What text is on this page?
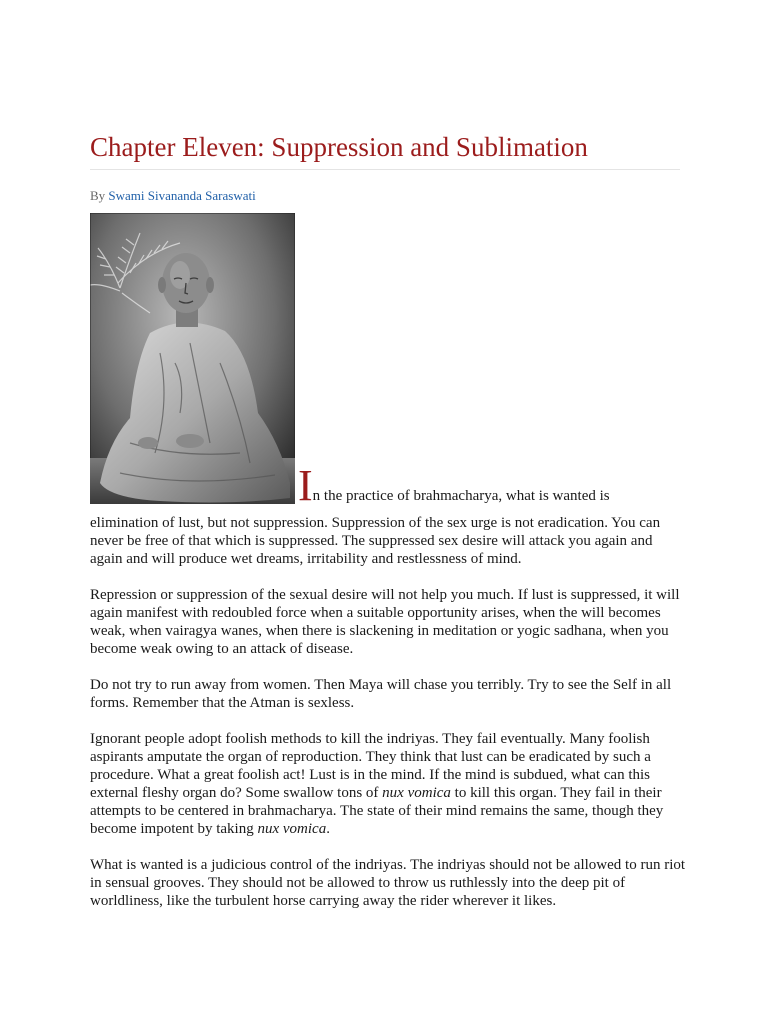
Chapter Eleven: Suppression and Sublimation
By Swami Sivananda Saraswati
In the practice of brahmacharya, what is wanted is

elimination of lust, but not suppression. Suppression of the sex urge is not eradication. You can never be free of that which is suppressed. The suppressed sex desire will attack you again and again and will produce wet dreams, irritability and restlessness of mind.

Repression or suppression of the sexual desire will not help you much. If lust is suppressed, it will again manifest with redoubled force when a suitable opportunity arises, when the will becomes weak, when vairagya wanes, when there is slackening in meditation or yogic sadhana, when you become weak owing to an attack of disease.

Do not try to run away from women. Then Maya will chase you terribly. Try to see the Self in all forms. Remember that the Atman is sexless.

Ignorant people adopt foolish methods to kill the indriyas. They fail eventually. Many foolish aspirants amputate the organ of reproduction. They think that lust can be eradicated by such a procedure. What a great foolish act! Lust is in the mind. If the mind is subdued, what can this external fleshy organ do? Some swallow tons of nux vomica to kill this organ. They fail in their attempts to be centered in brahmacharya. The state of their mind remains the same, though they become impotent by taking nux vomica.

What is wanted is a judicious control of the indriyas. The indriyas should not be allowed to run riot in sensual grooves. They should not be allowed to throw us ruthlessly into the deep pit of worldliness, like the turbulent horse carrying away the rider wherever it likes.
